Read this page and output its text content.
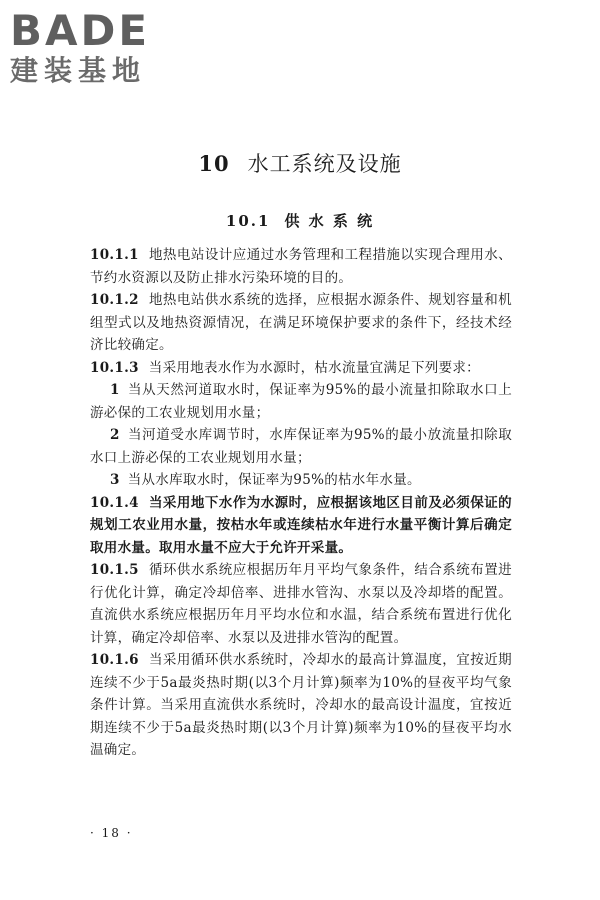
BADE
建装基地
10 水工系统及设施
10.1 供 水 系 统

10.1.1 地热电站设计应通过水务管理和工程措施以实现合理用水、节约水资源以及防止排水污染环境的目的。

10.1.2 地热电站供水系统的选择，应根据水源条件、规划容量和机组型式以及地热资源情况，在满足环境保护要求的条件下，经技术经济比较确定。

10.1.3 当采用地表水作为水源时，枯水流量宜满足下列要求：

1 当从天然河道取水时，保证率为95%的最小流量扣除取水口上游必保的工农业规划用水量；

2 当河道受水库调节时，水库保证率为95%的最小放流量扣除取水口上游必保的工农业规划用水量；

3 当从水库取水时，保证率为95%的枯水年水量。

10.1.4 当采用地下水作为水源时，应根据该地区目前及必须保证的规划工农业用水量，按枯水年或连续枯水年进行水量平衡计算后确定取用水量。取用水量不应大于允许开采量。

10.1.5 循环供水系统应根据历年月平均气象条件，结合系统布置进行优化计算，确定冷却倍率、进排水管沟、水泵以及冷却塔的配置。直流供水系统应根据历年月平均水位和水温，结合系统布置进行优化计算，确定冷却倍率、水泵以及进排水管沟的配置。

10.1.6 当采用循环供水系统时，冷却水的最高计算温度，宜按近期连续不少于5a最炎热时期(以3个月计算)频率为10%的昼夜平均气象条件计算。当采用直流供水系统时，冷却水的最高设计温度，宜按近期连续不少于5a最炎热时期(以3个月计算)频率为10%的昼夜平均水温确定。

· 18 ·
